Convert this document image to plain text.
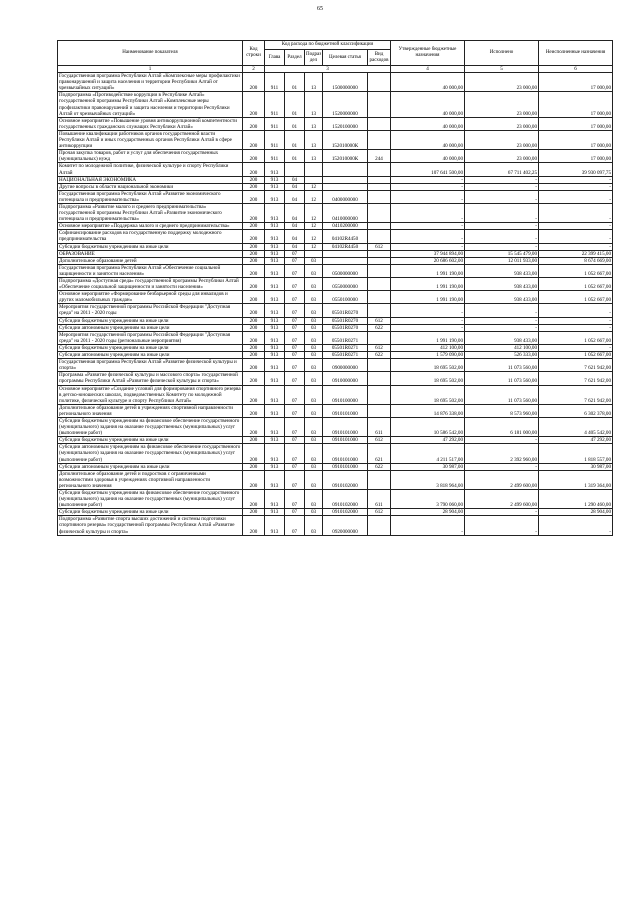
65
Наименование показателя	Код строки	Код расхода по бюджетной классификации					Утвержденные бюджетные назначения	Исполнено	Неисполненные назначения
		Глава	Раздел	Подраз дел	Целевая статья	Вид расходов			
1	2	3					4	5	6
Государственная программа Республики Алтай «Комплексные меры профилактики правонарушений и защита населения и территории Республики Алтай от чрезвычайных ситуаций»	200	911	01	13	1500000000		40 000,00	23 000,00	17 000,00
Подпрограмма «Противодействие коррупции в Республике Алтай» государственной программы Республики Алтай «Комплексные меры профилактики правонарушений и защита населения и территории Республики Алтай от чрезвычайных ситуаций»	200	911	01	13	1520000000		40 000,00	23 000,00	17 000,00
Основное мероприятие «Повышение уровня антикоррупционной компетентности государственных гражданских служащих Республики Алтай»	200	911	01	13	1520100000		40 000,00	23 000,00	17 000,00
Повышение квалификации работников органов государственной власти Республики Алтай и иных государственных органов Республики Алтай в сфере антикоррупции	200	911	01	13	152010000К		40 000,00	23 000,00	17 000,00
Прочая закупка товаров, работ и услуг для обеспечения государственных (муниципальных) нужд	200	911	01	13	152010000К	244	40 000,00	23 000,00	17 000,00
Комитет по молодежной политике, физической культуре и спорту Республики Алтай	200	913					107 641 500,00	67 711 402,25	39 930 097,75
НАЦИОНАЛЬНАЯ ЭКОНОМИКА	200	913	04				-	-	-
Другие вопросы в области национальной экономики	200	913	04	12			-	-	-
Государственная программа Республики Алтай «Развитие экономического потенциала и предпринимательства»	200	913	04	12	0400000000		-	-	-
Подпрограмма «Развитие малого и среднего предпринимательства» государственной программы Республики Алтай «Развитие экономического потенциала и предпринимательства»	200	913	04	12	0410000000		-	-	-
Основное мероприятие «Поддержка малого и среднего предпринимательства»	200	913	04	12	0410200000		-	-	-
Софинансирование расходов на государственную поддержку молодежного предпринимательства	200	913	04	12	04102R4450		-	-	-
Субсидии бюджетным учреждениям на иные цели	200	913	04	12	04102R4450	612	-	-	-
ОБРАЗОВАНИЕ	200	913	07				37 944 894,00	15 545 479,00	22 399 415,00
Дополнительное образование детей	200	913	07	03			20 686 602,00	12 011 933,00	8 674 669,00
Государственная программа Республики Алтай «Обеспечение социальной защищенности и занятости населения»	200	913	07	03	0500000000		1 991 190,00	938 433,00	1 052 667,00
Подпрограмма «Доступная среда» государственной программы Республики Алтай «Обеспечение социальной защищенности и занятости населения»	200	913	07	03	0550000000		1 991 190,00	938 433,00	1 052 667,00
Основное мероприятие «Формирование безбарьерной среды для инвалидов и других маломобильных граждан»	200	913	07	03	0550100000		1 991 190,00	938 433,00	1 052 667,00
Мероприятия государственной программы Российской Федерации "Доступная среда" на 2011 - 2020 годы	200	913	07	03	05501R0270		-	-	-
Субсидии бюджетным учреждениям на иные цели	200	913	07	03	05501R0270	612	-	-	-
Субсидии автономным учреждениям на иные цели	200	913	07	03	05501R0270	622	-	-	-
Мероприятия государственной программы Российской Федерации "Доступная среда" на 2011 - 2020 годы (региональные мероприятия)	200	913	07	03	05501R0271		1 991 190,00	938 433,00	1 052 667,00
Субсидии бюджетным учреждениям на иные цели	200	913	07	03	05501R0271	612	412 100,00	412 100,00	-
Субсидии автономным учреждениям на иные цели	200	913	07	03	05501R0271	622	1 579 090,00	526 333,00	1 052 667,00
Государственная программа Республики Алтай «Развитие физической культуры и спорта»	200	913	07	03	0900000000		18 695 502,00	11 073 560,00	7 621 942,00
Программа «Развитие физической культуры и массового спорта» государственной программы Республики Алтай «Развитие физической культуры и спорта»	200	913	07	03	0910000000		18 695 502,00	11 073 560,00	7 621 942,00
Основное мероприятие «Создание условий для формирования спортивного резерва в детско-юношеских школах, подведомственных Комитету по молодежной политике, физической культуре и спорту Республики Алтай»	200	913	07	03	0910100000		18 695 502,00	11 073 560,00	7 621 942,00
Дополнительное образование детей в учреждениях спортивной направленности регионального значения	200	913	07	03	0910101000		14 876 338,00	8 573 960,00	6 302 378,00
Субсидии бюджетным учреждениям на финансовое обеспечение государственного (муниципального) задания на оказание государственных (муниципальных) услуг (выполнение работ)	200	913	07	03	0910101000	611	10 586 542,00	6 181 000,00	4 405 542,00
Субсидии бюджетным учреждениям на иные цели	200	913	07	03	0910101000	612	47 292,00	-	47 292,00
Субсидии автономным учреждениям на финансовое обеспечение государственного (муниципального) задания на оказание государственных (муниципальных) услуг (выполнение работ)	200	913	07	03	0910101000	621	4 211 517,00	2 392 960,00	1 818 557,00
Субсидии автономным учреждениям на иные цели	200	913	07	03	0910101000	622	30 987,00	-	30 987,00
Дополнительное образование детей и подростков с ограниченными возможностями здоровья в учреждениях спортивной направленности регионального значения	200	913	07	03	0910102000		3 818 964,00	2 499 600,00	1 319 364,00
Субсидии бюджетным учреждениям на финансовое обеспечение государственного (муниципального) задания на оказание государственных (муниципальных) услуг (выполнение работ)	200	913	07	03	0910102000	611	3 790 060,00	2 499 600,00	1 290 460,00
Субсидии бюджетным учреждениям на иные цели	200	913	07	03	0910102000	612	28 904,00	-	28 904,00
Подпрограмма «Развитие спорта высших достижений и системы подготовки спортивного резерва» государственной программы Республики Алтай «Развитие физической культуры и спорта»	200	913	07	03	0920000000		-	-	-
